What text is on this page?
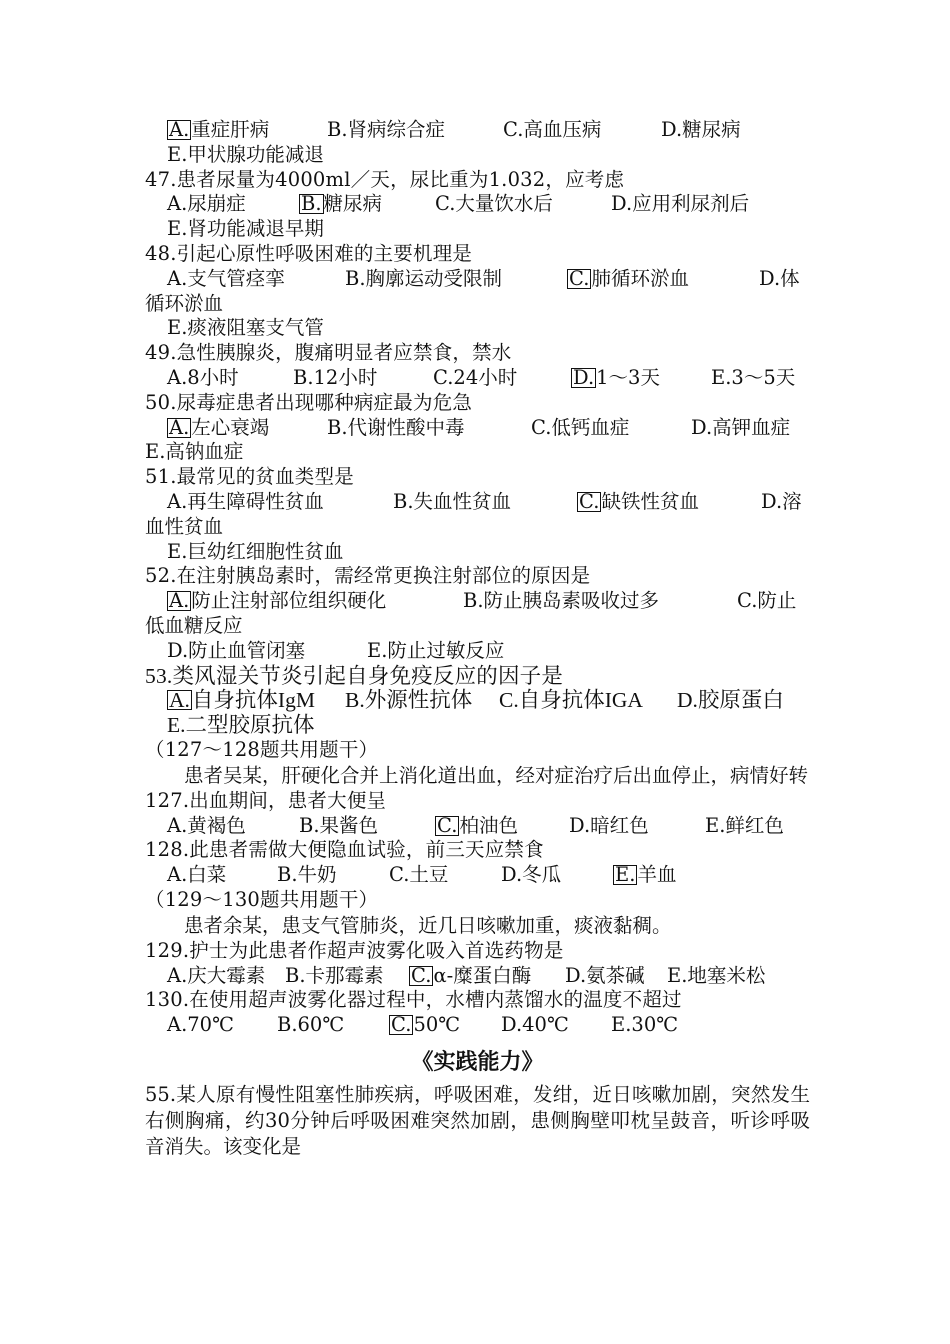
A. 重症肝病	B.肾病综合症	C.高血压病	D.糖尿病
E.甲状腺功能减退
47.患者尿量为4000ml／天，尿比重为1.032，应考虑
A.尿崩症	B. 糖尿病	C.大量饮水后	D.应用利尿剂后
E.肾功能减退早期
48.引起心原性呼吸困难的主要机理是
A.支气管痉挛	B.胸廓运动受限制	C. 肺循环淤血	D.体
循环淤血
E.痰液阻塞支气管
49.急性胰腺炎，腹痛明显者应禁食，禁水
A.8小时	B.12小时	C.24小时	D. 1～3天	E.3～5天
50.尿毒症患者出现哪种病症最为危急
A. 左心衰竭	B.代谢性酸中毒	C.低钙血症	D.高钾血症
E.高钠血症
51.最常见的贫血类型是
A.再生障碍性贫血	B.失血性贫血	C. 缺铁性贫血	D.溶
血性贫血
E.巨幼红细胞性贫血
52.在注射胰岛素时，需经常更换注射部位的原因是
A. 防止注射部位组织硬化	B.防止胰岛素吸收过多	C.防止
低血糖反应
D.防止血管闭塞	E.防止过敏反应
53.类风湿关节炎引起自身免疫反应的因子是
A.自身抗体IgM B.外源性抗体 C.自身抗体IGA D.胶原蛋白
E.二型胶原抗体
（127～128题共用题干）
　　患者吴某，肝硬化合并上消化道出血，经对症治疗后出血停止，病情好转
127.出血期间，患者大便呈
A.黄褐色	B.果酱色	C. 柏油色	D.暗红色	E.鲜红色
128.此患者需做大便隐血试验，前三天应禁食
A.白菜	B.牛奶	C.土豆	D.冬瓜	E. 羊血
（129～130题共用题干）
　　患者余某，患支气管肺炎，近几日咳嗽加重，痰液黏稠。
129.护士为此患者作超声波雾化吸入首选药物是
A.庆大霉素 B.卡那霉素 C. α-糜蛋白酶 D.氨茶碱 E.地塞米松
130.在使用超声波雾化器过程中，水槽内蒸馏水的温度不超过
A.70℃ B.60℃ C. 50℃ D.40℃ E.30℃
《实践能力》
55.某人原有慢性阻塞性肺疾病，呼吸困难，发绀，近日咳嗽加剧，突然发生右侧胸痛，约30分钟后呼吸困难突然加剧，患侧胸壁叩枕呈鼓音，听诊呼吸音消失。该变化是
